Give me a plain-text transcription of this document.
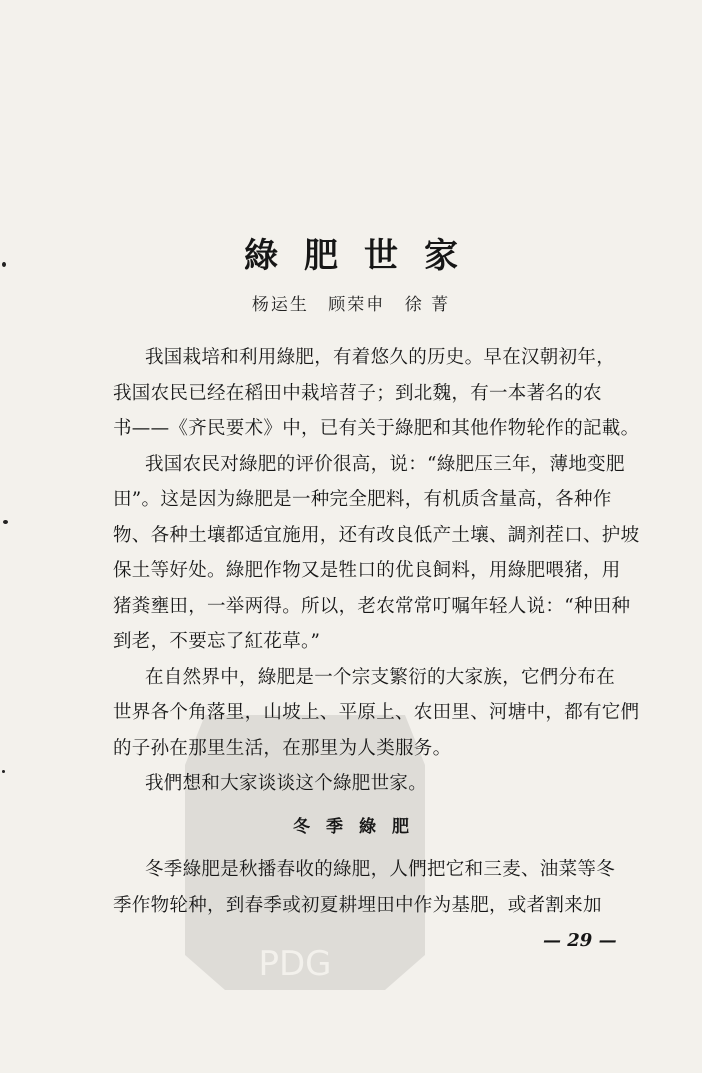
PDG
綠肥世家
杨运生 顾荣申 徐 菁
我国栽培和利用綠肥，有着悠久的历史。早在汉朝初年，
我国农民已经在稻田中栽培苕子；到北魏，有一本著名的农
书——《齐民要术》中，已有关于綠肥和其他作物轮作的記載。
我国农民对綠肥的评价很高，说：“綠肥压三年，薄地变肥
田”。这是因为綠肥是一种完全肥料，有机质含量高，各种作
物、各种土壤都适宜施用，还有改良低产土壤、調剂茬口、护坡
保土等好处。綠肥作物又是牲口的优良飼料，用綠肥喂猪，用
猪粪壅田，一举两得。所以，老农常常叮嘱年轻人说：“种田种
到老，不要忘了紅花草。”
在自然界中，綠肥是一个宗支繁衍的大家族，它們分布在
世界各个角落里，山坡上、平原上、农田里、河塘中，都有它們
的子孙在那里生活，在那里为人类服务。
我們想和大家谈谈这个綠肥世家。
冬季綠肥
冬季綠肥是秋播春收的綠肥，人們把它和三麦、油菜等冬
季作物轮种，到春季或初夏耕埋田中作为基肥，或者割来加
— 29 —
